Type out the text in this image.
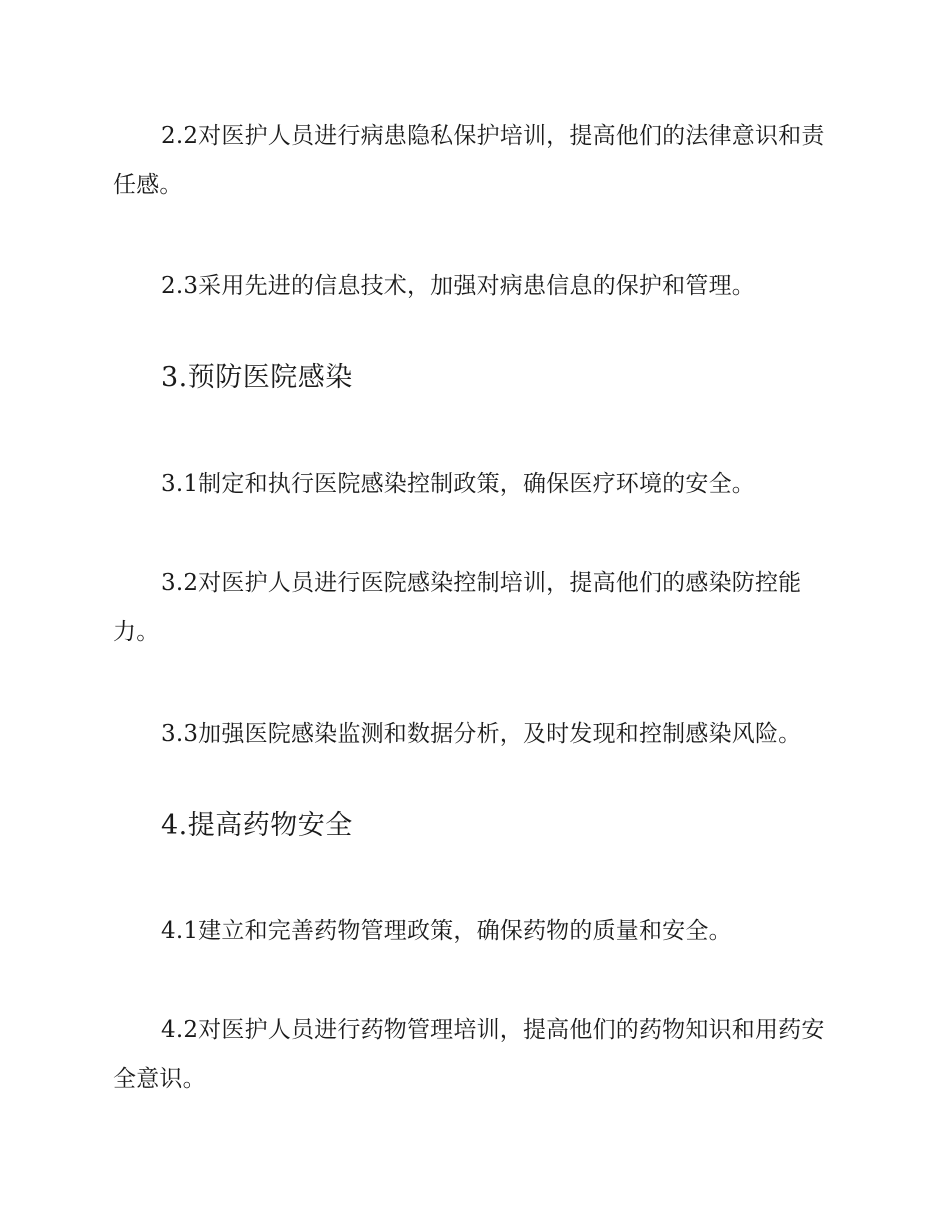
2.2对医护人员进行病患隐私保护培训，提高他们的法律意识和责任感。

2.3采用先进的信息技术，加强对病患信息的保护和管理。

3.预防医院感染

3.1制定和执行医院感染控制政策，确保医疗环境的安全。

3.2对医护人员进行医院感染控制培训，提高他们的感染防控能力。

3.3加强医院感染监测和数据分析，及时发现和控制感染风险。

4.提高药物安全

4.1建立和完善药物管理政策，确保药物的质量和安全。

4.2对医护人员进行药物管理培训，提高他们的药物知识和用药安全意识。
